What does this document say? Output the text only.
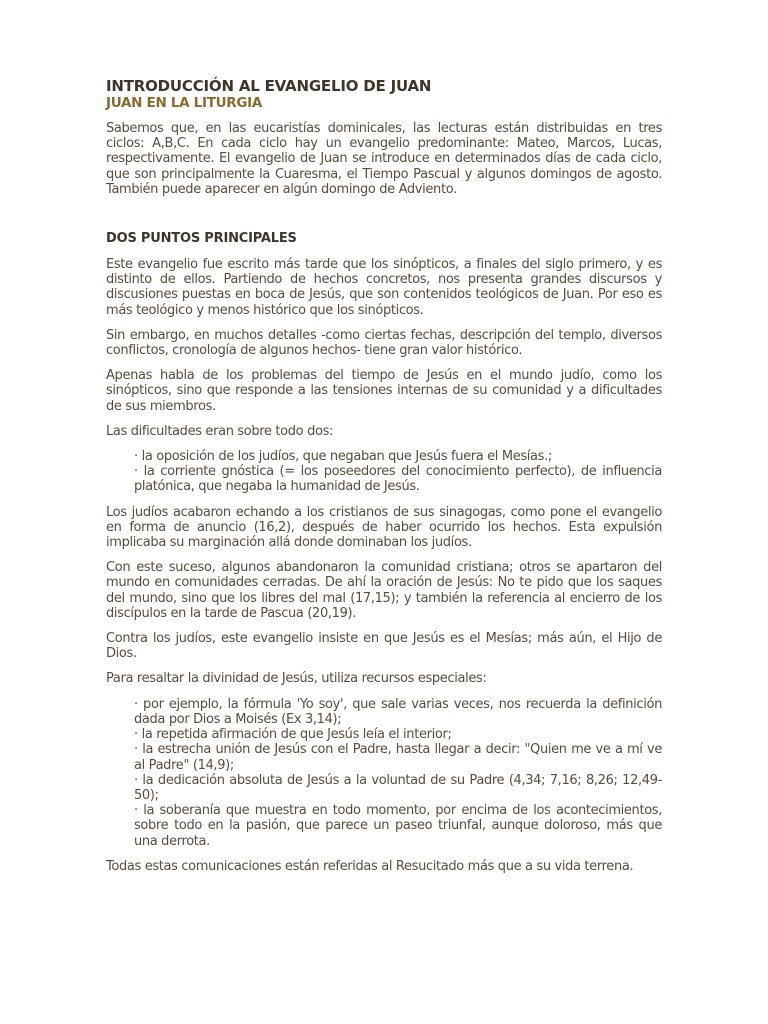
INTRODUCCIÓN AL EVANGELIO DE JUAN
JUAN EN LA LITURGIA

Sabemos que, en las eucaristías dominicales, las lecturas están distribuidas en tres ciclos: A,B,C. En cada ciclo hay un evangelio predominante: Mateo, Marcos, Lucas, respectivamente. El evangelio de Juan se introduce en determinados días de cada ciclo, que son principalmente la Cuaresma, el Tiempo Pascual y algunos domingos de agosto. También puede aparecer en algún domingo de Adviento.

DOS PUNTOS PRINCIPALES

Este evangelio fue escrito más tarde que los sinópticos, a finales del siglo primero, y es distinto de ellos. Partiendo de hechos concretos, nos presenta grandes discursos y discusiones puestas en boca de Jesús, que son contenidos teológicos de Juan. Por eso es más teológico y menos histórico que los sinópticos.

Sin embargo, en muchos detalles -como ciertas fechas, descripción del templo, diversos conflictos, cronología de algunos hechos- tiene gran valor histórico.

Apenas habla de los problemas del tiempo de Jesús en el mundo judío, como los sinópticos, sino que responde a las tensiones internas de su comunidad y a dificultades de sus miembros.

Las dificultades eran sobre todo dos:

· la oposición de los judíos, que negaban que Jesús fuera el Mesías.;
· la corriente gnóstica (= los poseedores del conocimiento perfecto), de influencia platónica, que negaba la humanidad de Jesús.

Los judíos acabaron echando a los cristianos de sus sinagogas, como pone el evangelio en forma de anuncio (16,2), después de haber ocurrido los hechos. Esta expulsión implicaba su marginación allá donde dominaban los judíos.

Con este suceso, algunos abandonaron la comunidad cristiana; otros se apartaron del mundo en comunidades cerradas. De ahí la oración de Jesús: No te pido que los saques del mundo, sino que los libres del mal (17,15); y también la referencia al encierro de los discípulos en la tarde de Pascua (20,19).

Contra los judíos, este evangelio insiste en que Jesús es el Mesías; más aún, el Hijo de Dios.

Para resaltar la divinidad de Jesús, utiliza recursos especiales:

· por ejemplo, la fórmula 'Yo soy', que sale varias veces, nos recuerda la definición dada por Dios a Moisés (Ex 3,14);
· la repetida afirmación de que Jesús leía el interior;
· la estrecha unión de Jesús con el Padre, hasta llegar a decir: "Quien me ve a mí ve al Padre" (14,9);
· la dedicación absoluta de Jesús a la voluntad de su Padre (4,34; 7,16; 8,26; 12,49-50);
· la soberanía que muestra en todo momento, por encima de los acontecimientos, sobre todo en la pasión, que parece un paseo triunfal, aunque doloroso, más que una derrota.

Todas estas comunicaciones están referidas al Resucitado más que a su vida terrena.
